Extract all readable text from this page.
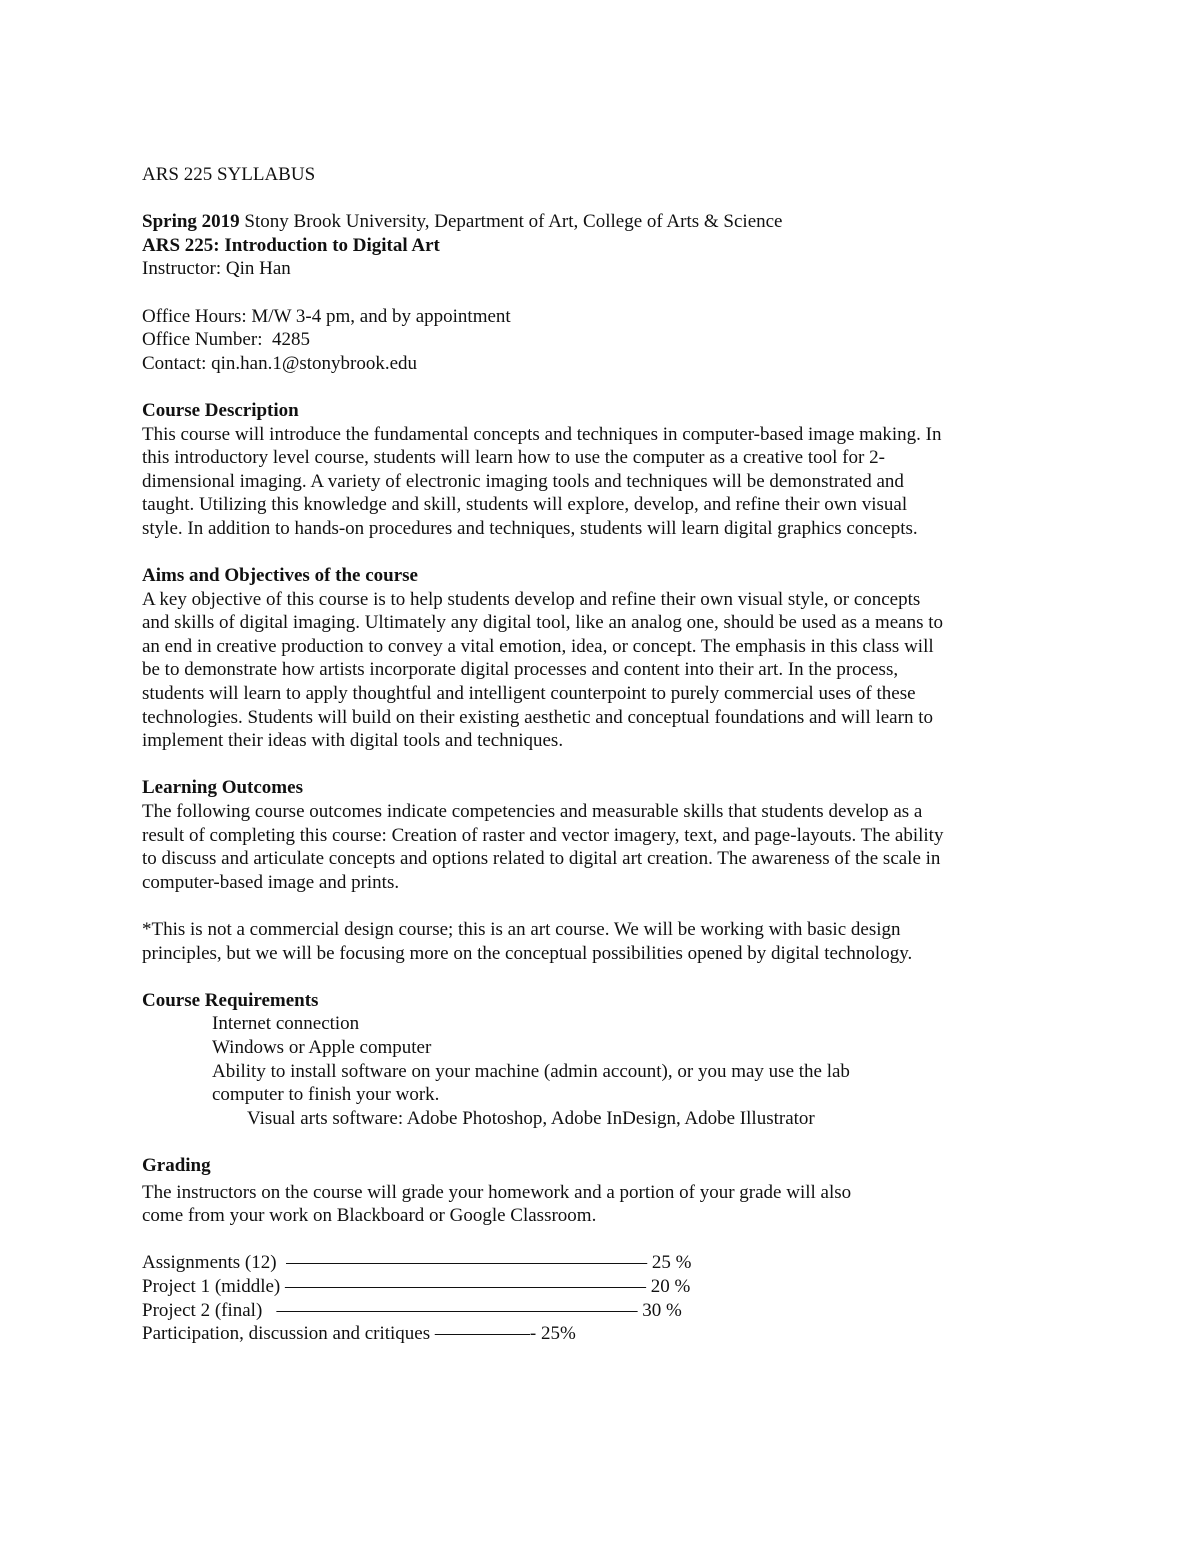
ARS 225 SYLLABUS
Spring 2019 Stony Brook University, Department of Art, College of Arts & Science
ARS 225: Introduction to Digital Art
Instructor: Qin Han
Office Hours: M/W 3-4 pm, and by appointment
Office Number:  4285
Contact: qin.han.1@stonybrook.edu
Course Description
This course will introduce the fundamental concepts and techniques in computer-based image making. In
this introductory level course, students will learn how to use the computer as a creative tool for 2-
dimensional imaging. A variety of electronic imaging tools and techniques will be demonstrated and
taught. Utilizing this knowledge and skill, students will explore, develop, and refine their own visual
style. In addition to hands-on procedures and techniques, students will learn digital graphics concepts.
Aims and Objectives of the course
A key objective of this course is to help students develop and refine their own visual style, or concepts
and skills of digital imaging. Ultimately any digital tool, like an analog one, should be used as a means to
an end in creative production to convey a vital emotion, idea, or concept. The emphasis in this class will
be to demonstrate how artists incorporate digital processes and content into their art. In the process,
students will learn to apply thoughtful and intelligent counterpoint to purely commercial uses of these
technologies. Students will build on their existing aesthetic and conceptual foundations and will learn to
implement their ideas with digital tools and techniques.
Learning Outcomes
The following course outcomes indicate competencies and measurable skills that students develop as a
result of completing this course: Creation of raster and vector imagery, text, and page-layouts. The ability
to discuss and articulate concepts and options related to digital art creation. The awareness of the scale in
computer-based image and prints.
*This is not a commercial design course; this is an art course. We will be working with basic design
principles, but we will be focusing more on the conceptual possibilities opened by digital technology.
Course Requirements
Internet connection
Windows or Apple computer
Ability to install software on your machine (admin account), or you may use the lab
computer to finish your work.
Visual arts software: Adobe Photoshop, Adobe InDesign, Adobe Illustrator
Grading
The instructors on the course will grade your homework and a portion of your grade will also
come from your work on Blackboard or Google Classroom.
Assignments (12)  ——————————————————— 25 %
Project 1 (middle) ——————————————————— 20 %
Project 2 (final)   ——————————————————— 30 %
Participation, discussion and critiques —————- 25%
